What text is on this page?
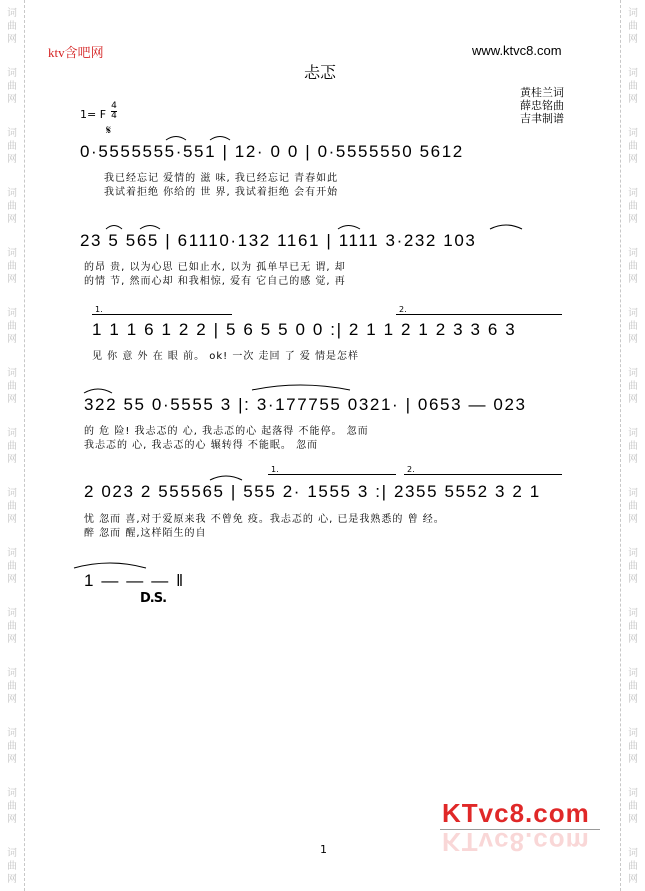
词
曲
网
词
曲
网
词
曲
网
词
曲
网
词
曲
网
词
曲
网
词
曲
网
词
曲
网
词
曲
网
词
曲
网
词
曲
网
词
曲
网
词
曲
网
词
曲
网
词
曲
网
词
曲
网
词
曲
网
词
曲
网
词
曲
网
词
曲
网
词
曲
网
词
曲
网
词
曲
网
词
曲
网
词
曲
网
词
曲
网
词
曲
网
词
曲
网
词
曲
网
词
曲
网
ktv含吧网	www.ktvc8.com
忐忑
黄桂兰词
薛忠铭曲
吉聿制谱
1= F
4
4
𝄋
0·5555555·551 | 12· 0 0 | 0·5555550 5612
我已经忘记 爱情的 滋 味, 我已经忘记 青春如此
我试着拒绝 你给的 世 界, 我试着拒绝 会有开始
23 5 565 | 61110·132 1161 | 1111 3·232 103
的昂 贵, 以为心思 已如止水, 以为 孤单早已无 谓, 却
的情 节, 然而心却 和我相惊, 爱有 它自己的感 觉, 再
1.	2.
1 1 1 6 1 2 2 | 5 6 5 5 0 0 :| 2 1 1 2 1 2 3 3 6 3
见 你 意 外 在 眼 前。 ok! 一次 走回 了 爱 情是怎样
322 55 0·5555 3 |: 3·177755 0321· | 0653 — 023
的 危 险! 我忐忑的 心, 我忐忑的心 起落得 不能停。 忽而
我忐忑的 心, 我忐忑的心 辗转得 不能眠。 忽而
1.	2.
2 023 2 555565 | 555 2· 1555 3 :| 2355 5552 3 2 1
忧 忽而 喜,对于爱原来我 不曾免 疫。我忐忑的 心, 已是我熟悉的 曾 经。
醉 忽而 醒,这样陌生的自
1 — — — ‖
D.S.
1
KTvc8.com
KTvc8.com
